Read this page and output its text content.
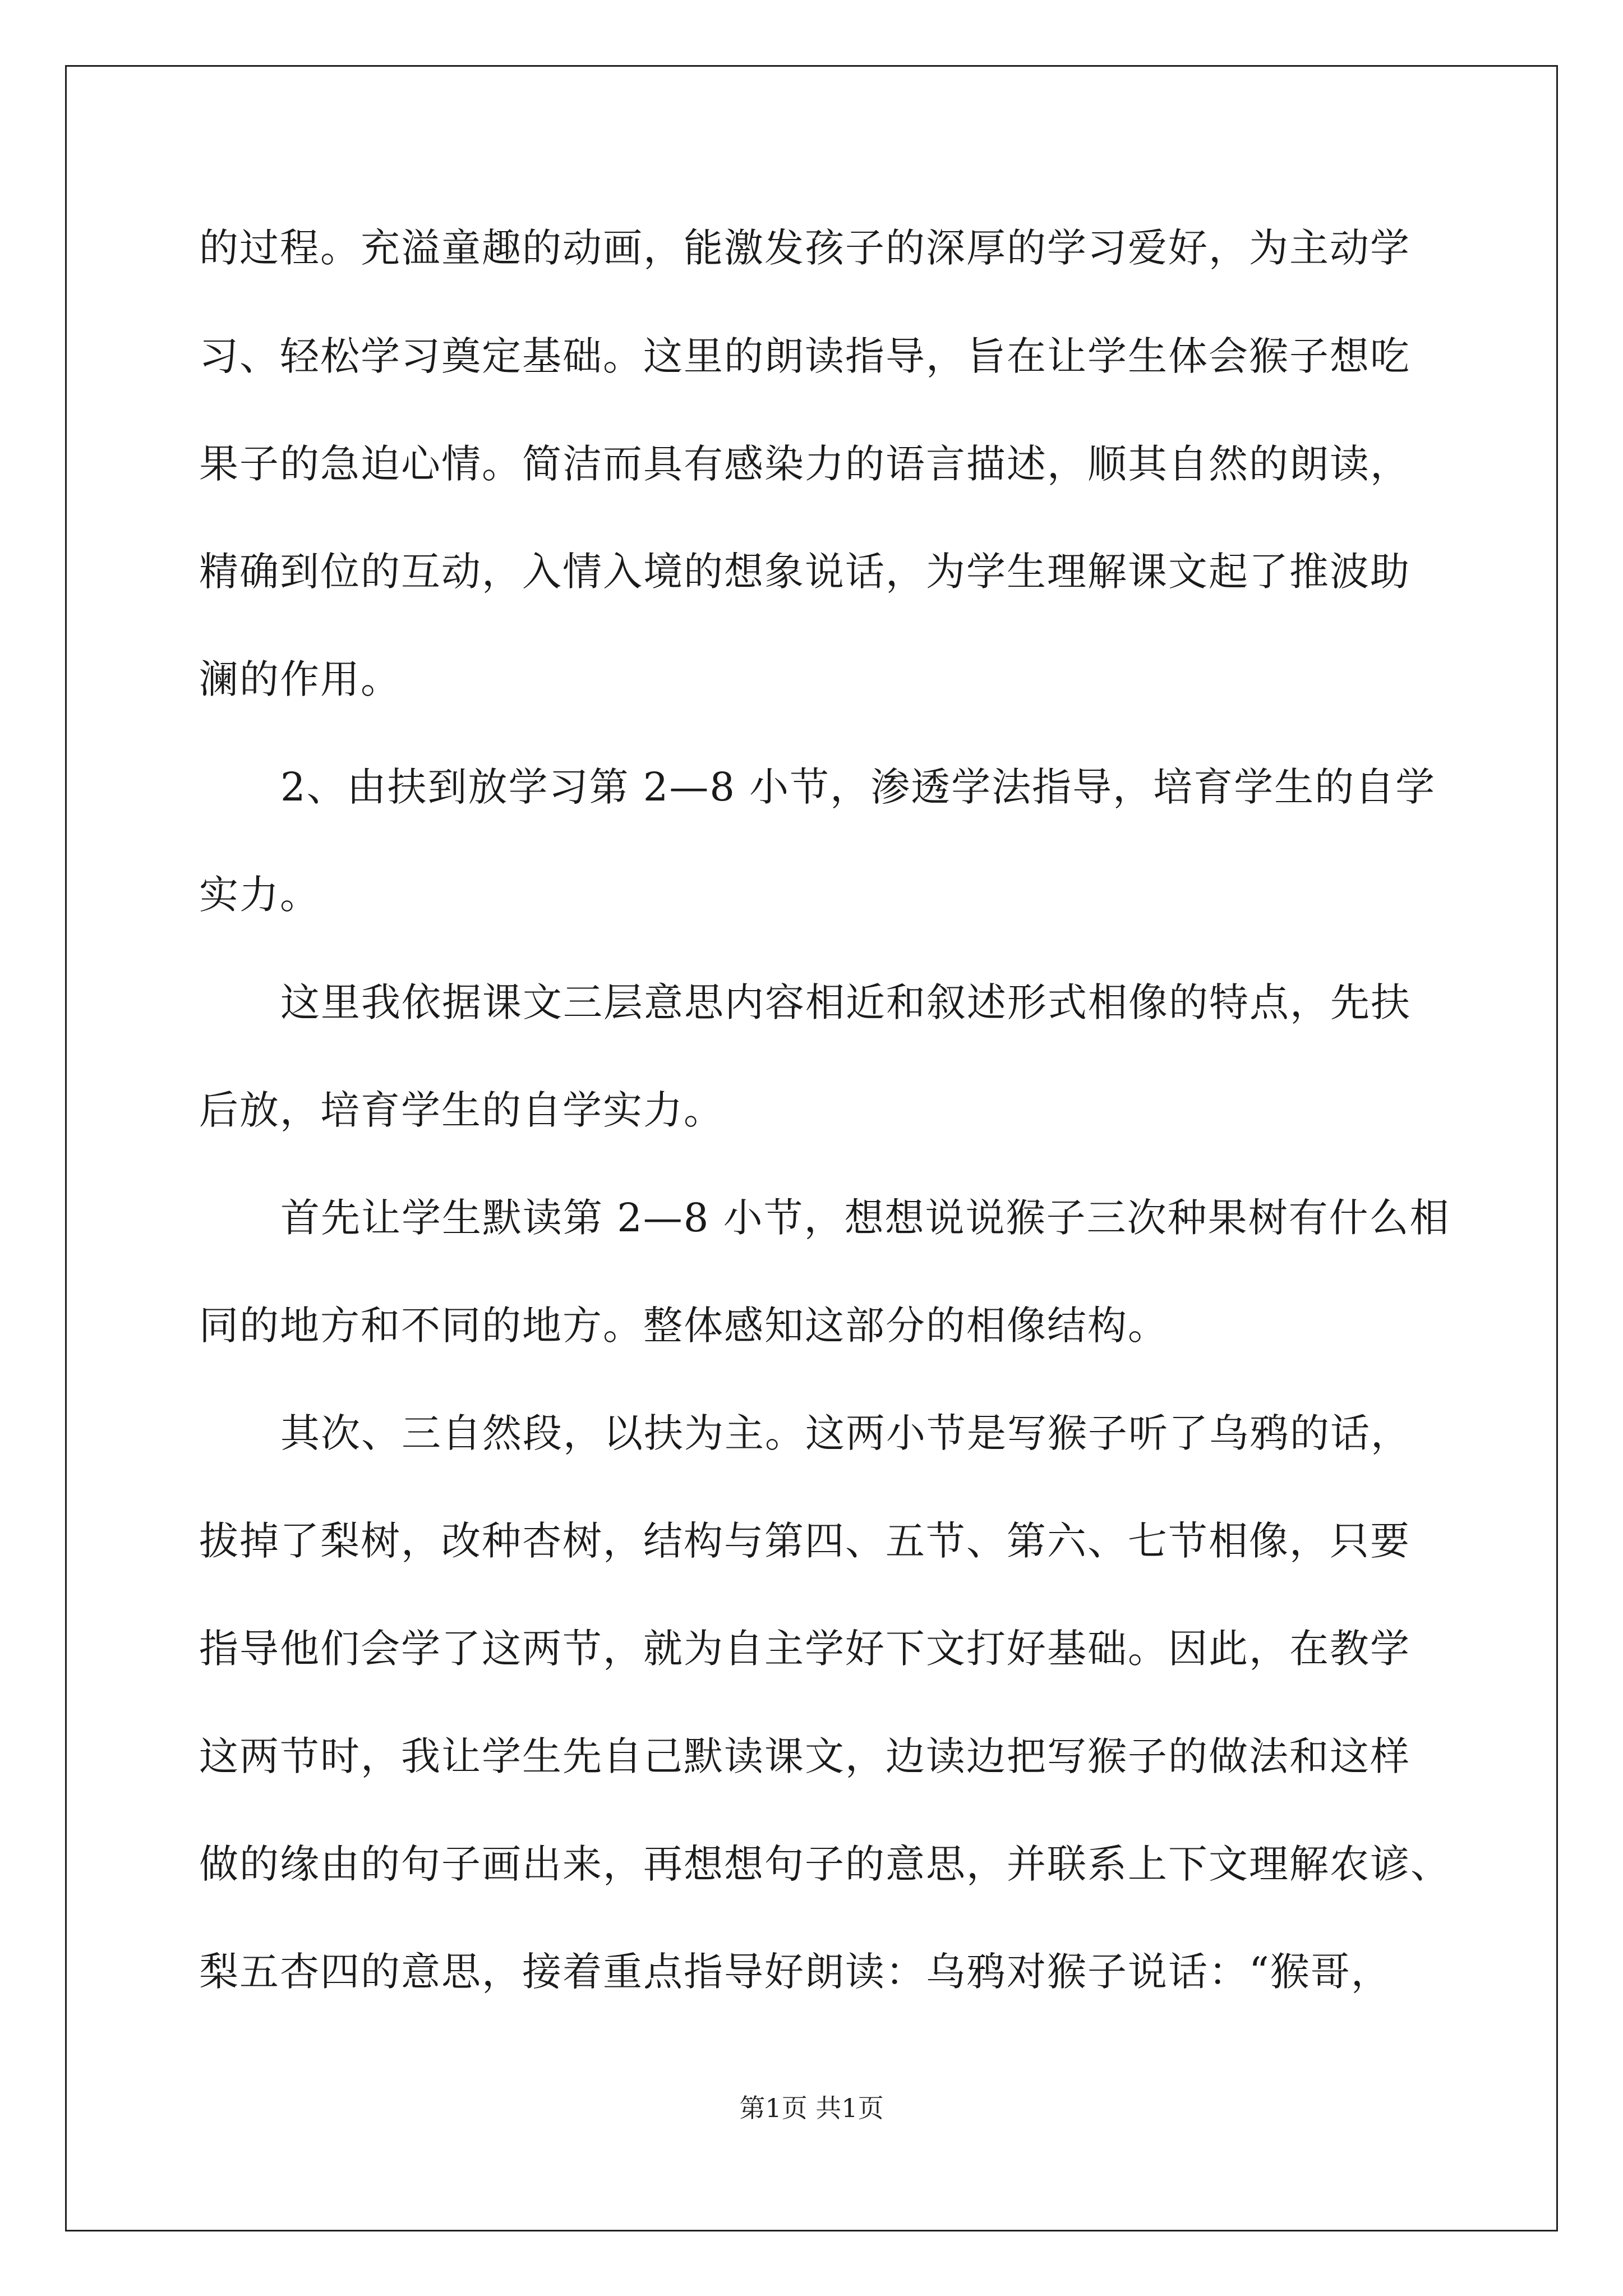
的过程。充溢童趣的动画，能激发孩子的深厚的学习爱好，为主动学
习、轻松学习奠定基础。这里的朗读指导，旨在让学生体会猴子想吃
果子的急迫心情。简洁而具有感染力的语言描述，顺其自然的朗读，
精确到位的互动，入情入境的想象说话，为学生理解课文起了推波助
澜的作用。
2、由扶到放学习第 2—8 小节，渗透学法指导，培育学生的自学
实力。
这里我依据课文三层意思内容相近和叙述形式相像的特点，先扶
后放，培育学生的自学实力。
首先让学生默读第 2—8 小节，想想说说猴子三次种果树有什么相
同的地方和不同的地方。整体感知这部分的相像结构。
其次、三自然段，以扶为主。这两小节是写猴子听了乌鸦的话，
拔掉了梨树，改种杏树，结构与第四、五节、第六、七节相像，只要
指导他们会学了这两节，就为自主学好下文打好基础。因此，在教学
这两节时，我让学生先自己默读课文，边读边把写猴子的做法和这样
做的缘由的句子画出来，再想想句子的意思，并联系上下文理解农谚、
梨五杏四的意思，接着重点指导好朗读：乌鸦对猴子说话：“猴哥，
第1页 共1页
